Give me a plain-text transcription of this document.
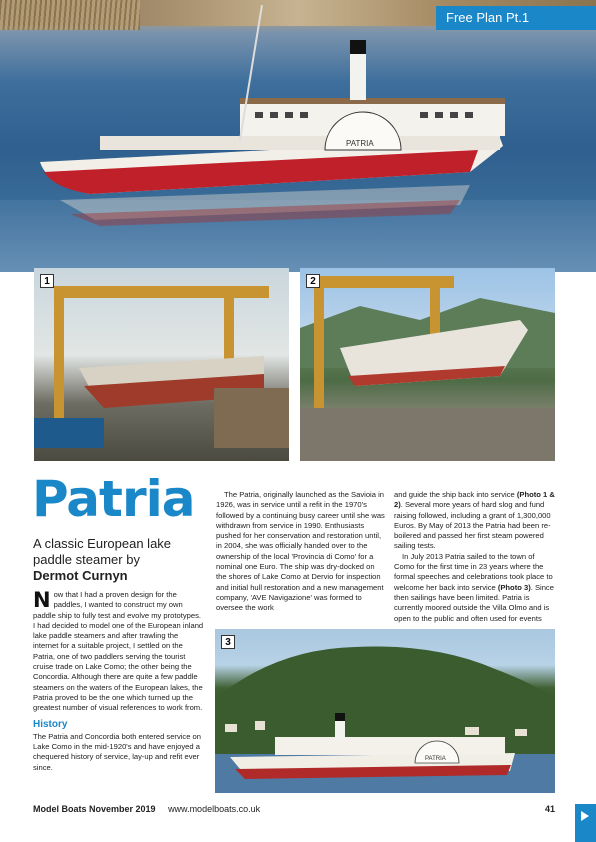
PATRIA
Free Plan Pt.1
1	2
Patria
A classic European lake paddle steamer by
Dermot Curnyn

Now that I had a proven design for the paddles, I wanted to construct my own paddle ship to fully test and evolve my prototypes. I had decided to model one of the European inland lake paddle steamers and after trawling the internet for a suitable project, I settled on the Patria, one of two paddlers serving the tourist cruise trade on Lake Como; the other being the Concordia. Although there are quite a few paddle steamers on the waters of the European lakes, the Patria proved to be the one which turned up the greatest number of visual references to work from.

History

The Patria and Concordia both entered service on Lake Como in the mid-1920's and have enjoyed a chequered history of service, lay-up and refit ever since.

The Patria, originally launched as the Savioia in 1926, was in service until a refit in the 1970's followed by a continuing busy career until she was withdrawn from service in 1990. Enthusiasts pushed for her conservation and restoration until, in 2004, she was officially handed over to the ownership of the local 'Provincia di Como' for a nominal one Euro. The ship was dry-docked on the shores of Lake Como at Dervio for inspection and initial hull restoration and a new management company, 'AVE Navigazione' was formed to oversee the work

and guide the ship back into service (Photo 1 & 2). Several more years of hard slog and fund raising followed, including a grant of 1,300,000 Euros. By May of 2013 the Patria had been re-boilered and passed her first steam powered sailing tests.

In July 2013 Patria sailed to the town of Como for the first time in 23 years where the formal speeches and celebrations took place to welcome her back into service (Photo 3). Since then sailings have been limited. Patria is currently moored outside the Villa Olmo and is open to the public and often used for events

PATRIA
3
Model Boats November 2019 www.modelboats.co.uk	41
